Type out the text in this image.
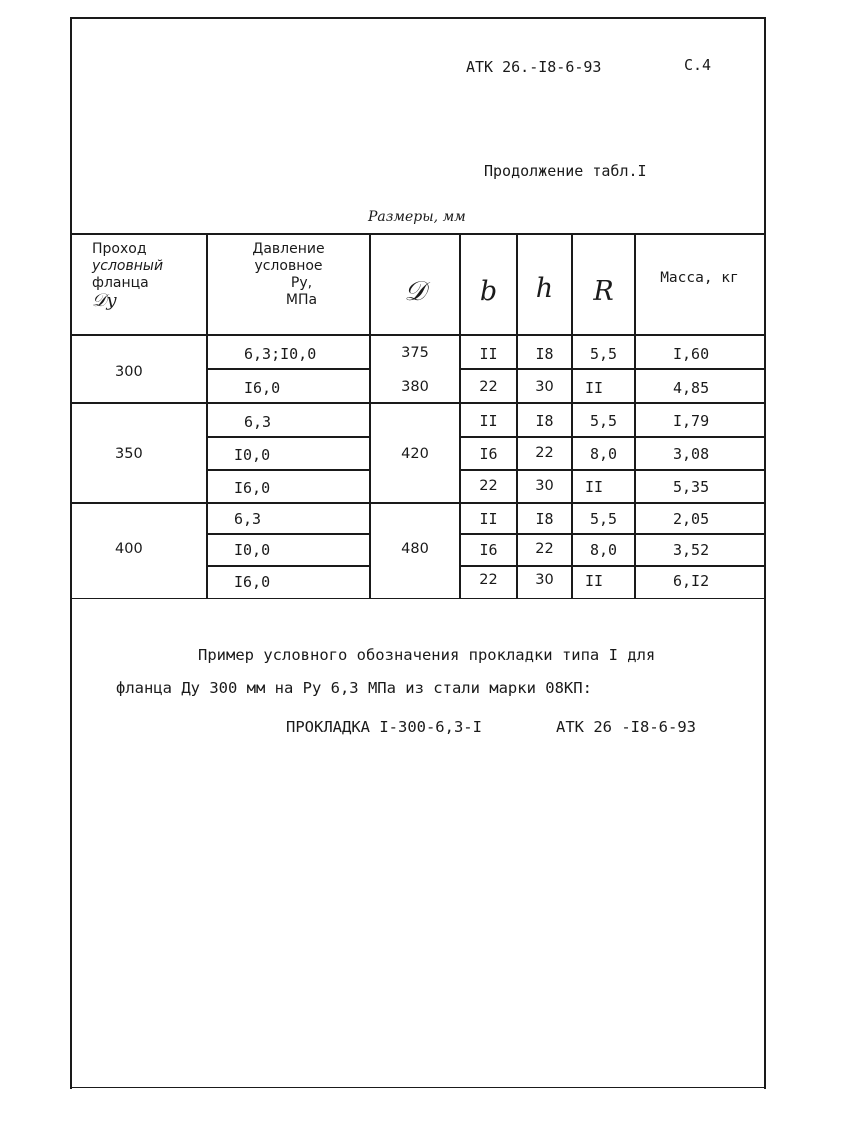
АТК 26.-I8-6-93	С.4
Продолжение табл.I
Размеры, мм
Проход
условный
фланца
𝒟у
Давление
условное
Ру,
МПа	𝒟	b	h	R	Масса, кг
300
6,3;I0,0	375	II	I8	5,5	I,60
I6,0	380	22	30	II	4,85
350	420
6,3	II	I8	5,5	I,79
I0,0	I6	22	8,0	3,08
I6,0	22	30	II	5,35
400	480
6,3	II	I8	5,5	2,05
I0,0	I6	22	8,0	3,52
I6,0	22	30	II	6,I2
Пример условного обозначения прокладки типа I для
фланца Ду 300 мм на Ру 6,3 МПа из стали марки 08КП:
ПРОКЛАДКА I-300-6,3-I	АТК 26 -I8-6-93
